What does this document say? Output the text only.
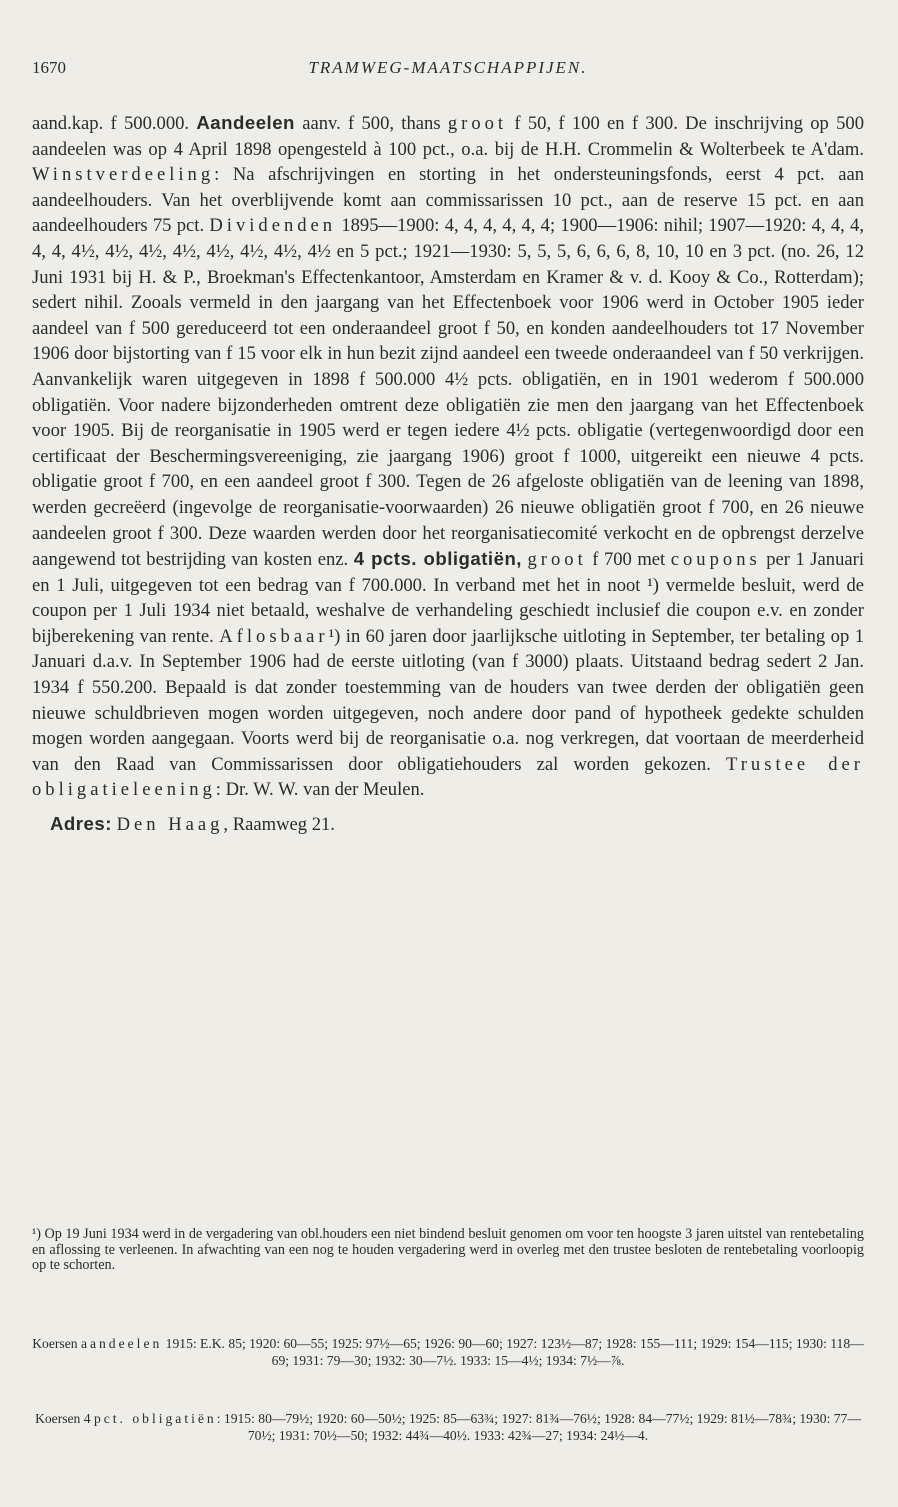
1670	TRAMWEG-MAATSCHAPPIJEN.

aand.kap. f 500.000. Aandeelen aanv. f 500, thans groot f 50, f 100 en f 300. De inschrijving op 500 aandeelen was op 4 April 1898 opengesteld à 100 pct., o.a. bij de H.H. Crommelin & Wolterbeek te A'dam. Winstverdeeling: Na afschrijvingen en storting in het ondersteuningsfonds, eerst 4 pct. aan aandeelhouders. Van het overblijvende komt aan commissarissen 10 pct., aan de reserve 15 pct. en aan aandeelhouders 75 pct. Dividenden 1895—1900: 4, 4, 4, 4, 4, 4; 1900—1906: nihil; 1907—1920: 4, 4, 4, 4, 4, 4½, 4½, 4½, 4½, 4½, 4½, 4½, 4½ en 5 pct.; 1921—1930: 5, 5, 5, 6, 6, 6, 8, 10, 10 en 3 pct. (no. 26, 12 Juni 1931 bij H. & P., Broekman's Effectenkantoor, Amsterdam en Kramer & v. d. Kooy & Co., Rotterdam); sedert nihil. Zooals vermeld in den jaargang van het Effectenboek voor 1906 werd in October 1905 ieder aandeel van f 500 gereduceerd tot een onderaandeel groot f 50, en konden aandeelhouders tot 17 November 1906 door bijstorting van f 15 voor elk in hun bezit zijnd aandeel een tweede onderaandeel van f 50 verkrijgen. Aanvankelijk waren uitgegeven in 1898 f 500.000 4½ pcts. obligatiën, en in 1901 wederom f 500.000 obligatiën. Voor nadere bijzonderheden omtrent deze obligatiën zie men den jaargang van het Effectenboek voor 1905. Bij de reorganisatie in 1905 werd er tegen iedere 4½ pcts. obligatie (vertegenwoordigd door een certificaat der Beschermingsvereeniging, zie jaargang 1906) groot f 1000, uitgereikt een nieuwe 4 pcts. obligatie groot f 700, en een aandeel groot f 300. Tegen de 26 afgeloste obligatiën van de leening van 1898, werden gecreëerd (ingevolge de reorganisatie-voorwaarden) 26 nieuwe obligatiën groot f 700, en 26 nieuwe aandeelen groot f 300. Deze waarden werden door het reorganisatiecomité verkocht en de opbrengst derzelve aangewend tot bestrijding van kosten enz. 4 pcts. obligatiën, groot f 700 met coupons per 1 Januari en 1 Juli, uitgegeven tot een bedrag van f 700.000. In verband met het in noot ¹) vermelde besluit, werd de coupon per 1 Juli 1934 niet betaald, weshalve de verhandeling geschiedt inclusief die coupon e.v. en zonder bijberekening van rente. Aflosbaar¹) in 60 jaren door jaarlijksche uitloting in September, ter betaling op 1 Januari d.a.v. In September 1906 had de eerste uitloting (van f 3000) plaats. Uitstaand bedrag sedert 2 Jan. 1934 f 550.200. Bepaald is dat zonder toestemming van de houders van twee derden der obligatiën geen nieuwe schuldbrieven mogen worden uitgegeven, noch andere door pand of hypotheek gedekte schulden mogen worden aangegaan. Voorts werd bij de reorganisatie o.a. nog verkregen, dat voortaan de meerderheid van den Raad van Commissarissen door obligatiehouders zal worden gekozen. Trustee der obligatieleening: Dr. W. W. van der Meulen.

Adres: Den Haag, Raamweg 21.

¹) Op 19 Juni 1934 werd in de vergadering van obl.houders een niet bindend besluit genomen om voor ten hoogste 3 jaren uitstel van rentebetaling en aflossing te verleenen. In afwachting van een nog te houden vergadering werd in overleg met den trustee besloten de rentebetaling voorloopig op te schorten.
Koersen aandeelen 1915: E.K. 85; 1920: 60—55; 1925: 97½—65; 1926: 90—60; 1927: 123½—87; 1928: 155—111; 1929: 154—115; 1930: 118—69; 1931: 79—30; 1932: 30—7½. 1933: 15—4½; 1934: 7½—⅞.
Koersen 4 pct. obligatiën: 1915: 80—79½; 1920: 60—50½; 1925: 85—63¾; 1927: 81¾—76½; 1928: 84—77½; 1929: 81½—78¾; 1930: 77—70½; 1931: 70½—50; 1932: 44¾—40½. 1933: 42¾—27; 1934: 24½—4.
